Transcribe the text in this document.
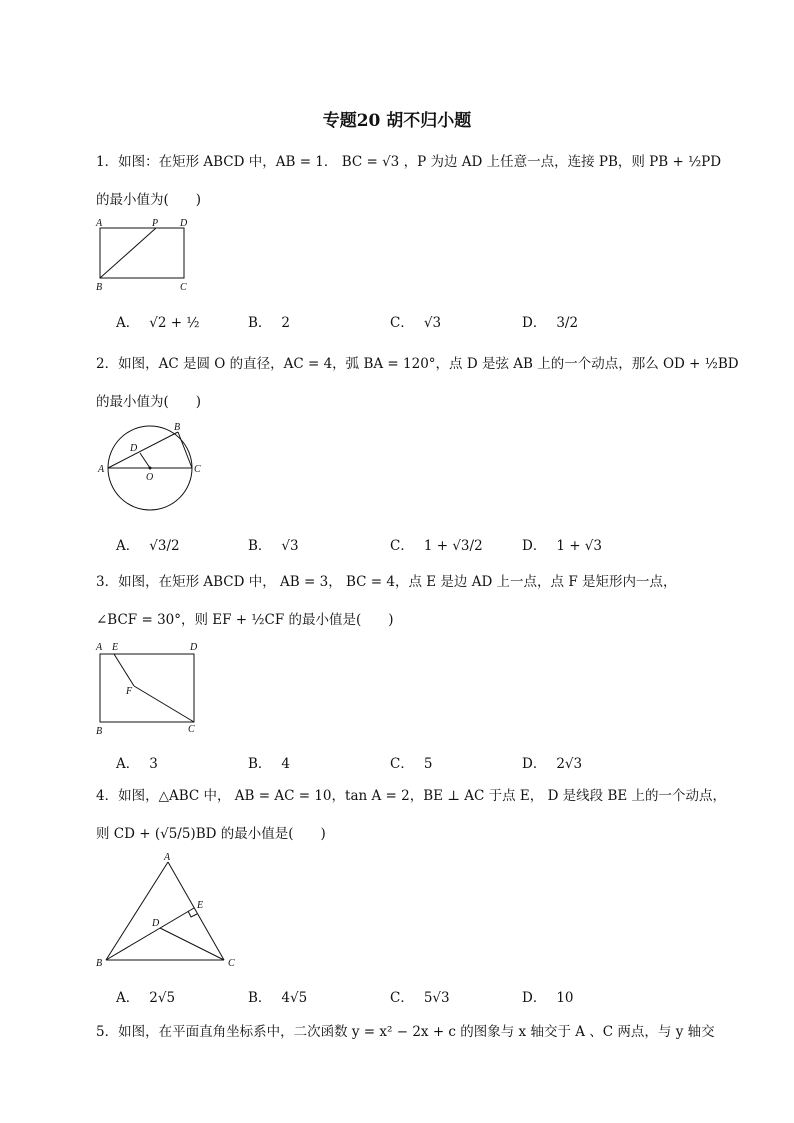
专题20 胡不归小题
1．如图：在矩形 ABCD 中，AB = 1． BC = √3 ，P 为边 AD 上任意一点，连接 PB，则 PB + ½PD
的最小值为(　　)
A	P D
B	C
A． √2 + ½	B． 2	C． √3	D． 3/2
2．如图，AC 是圆 O 的直径，AC = 4，弧 BA = 120°，点 D 是弦 AB 上的一个动点，那么 OD + ½BD
的最小值为(　　)
A
B
C
D
O
A． √3/2	B． √3	C． 1 + √3/2	D． 1 + √3
3．如图，在矩形 ABCD 中， AB = 3， BC = 4，点 E 是边 AD 上一点，点 F 是矩形内一点，
∠BCF = 30°，则 EF + ½CF 的最小值是(　　)
A E	D
F
B	C
A． 3	B． 4	C． 5	D． 2√3
4．如图，△ABC 中， AB = AC = 10，tan A = 2，BE ⊥ AC 于点 E， D 是线段 BE 上的一个动点，
则 CD + (√5/5)BD 的最小值是(　　)
A
E
D
B	C
A． 2√5	B． 4√5	C． 5√3	D． 10
5．如图，在平面直角坐标系中，二次函数 y = x² − 2x + c 的图象与 x 轴交于 A 、C 两点，与 y 轴交
